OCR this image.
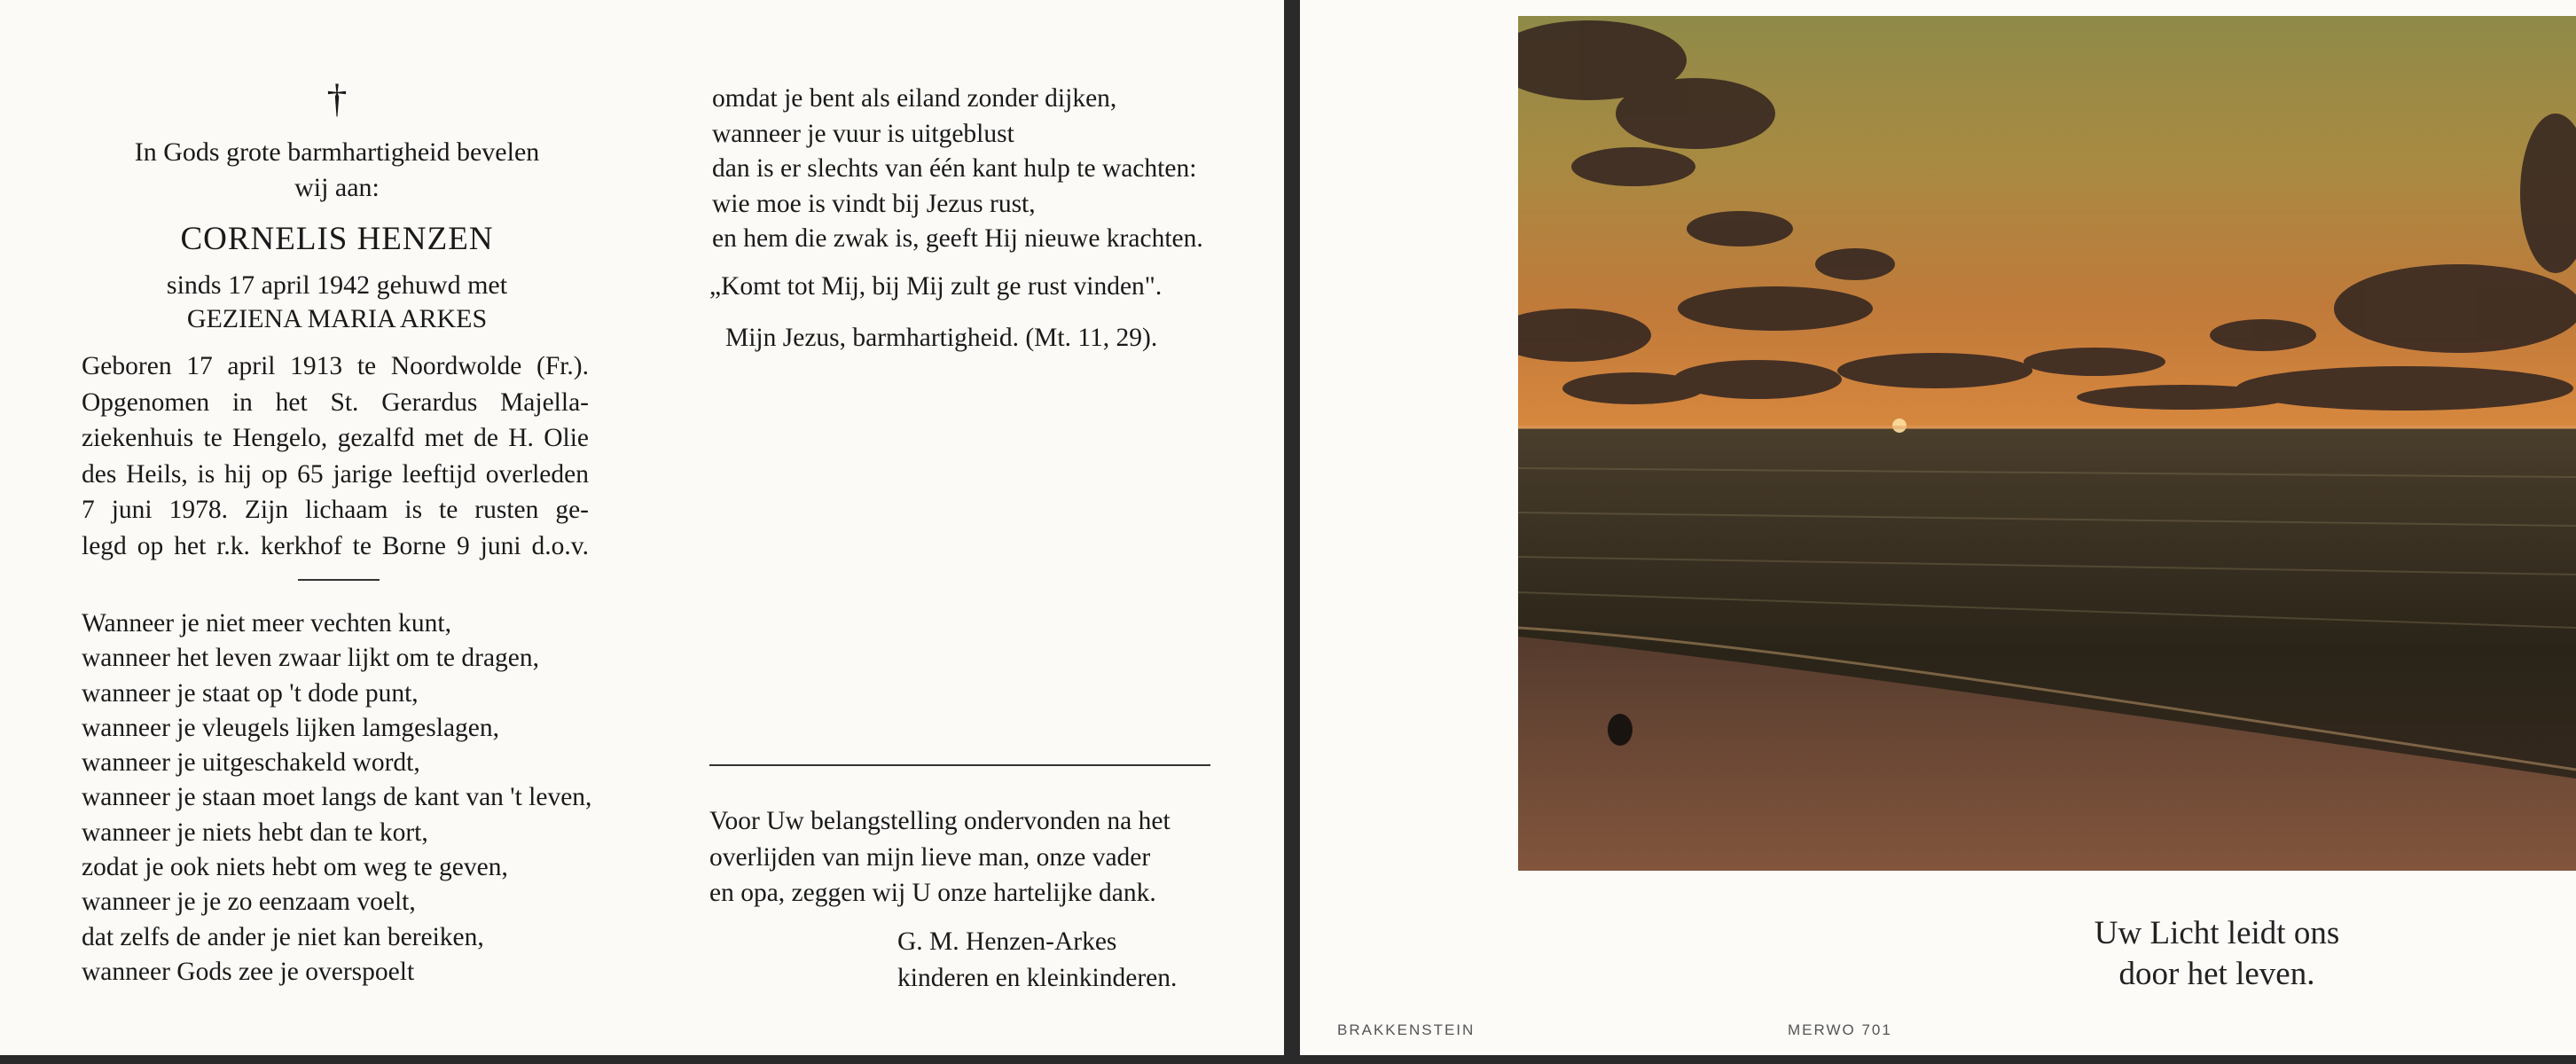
†
In Gods grote barmhartigheid bevelen
wij aan:
CORNELIS HENZEN
sinds 17 april 1942 gehuwd met
GEZIENA MARIA ARKES
Geboren 17 april 1913 te Noordwolde (Fr.).
Opgenomen in het St. Gerardus Majella-
ziekenhuis te Hengelo, gezalfd met de H. Olie
des Heils, is hij op 65 jarige leeftijd overleden
7 juni 1978. Zijn lichaam is te rusten ge-
legd op het r.k. kerkhof te Borne 9 juni d.o.v.
Wanneer je niet meer vechten kunt,
wanneer het leven zwaar lijkt om te dragen,
wanneer je staat op 't dode punt,
wanneer je vleugels lijken lamgeslagen,
wanneer je uitgeschakeld wordt,
wanneer je staan moet langs de kant van 't leven,
wanneer je niets hebt dan te kort,
zodat je ook niets hebt om weg te geven,
wanneer je je zo eenzaam voelt,
dat zelfs de ander je niet kan bereiken,
wanneer Gods zee je overspoelt
omdat je bent als eiland zonder dijken,
wanneer je vuur is uitgeblust
dan is er slechts van één kant hulp te wachten:
wie moe is vindt bij Jezus rust,
en hem die zwak is, geeft Hij nieuwe krachten.
„Komt tot Mij, bij Mij zult ge rust vinden".
Mijn Jezus, barmhartigheid. (Mt. 11, 29).
Voor Uw belangstelling ondervonden na het
overlijden van mijn lieve man, onze vader
en opa, zeggen wij U onze hartelijke dank.
G. M. Henzen-Arkes
kinderen en kleinkinderen.
Uw Licht leidt ons
door het leven.
BRAKKENSTEIN	MERWO 701
